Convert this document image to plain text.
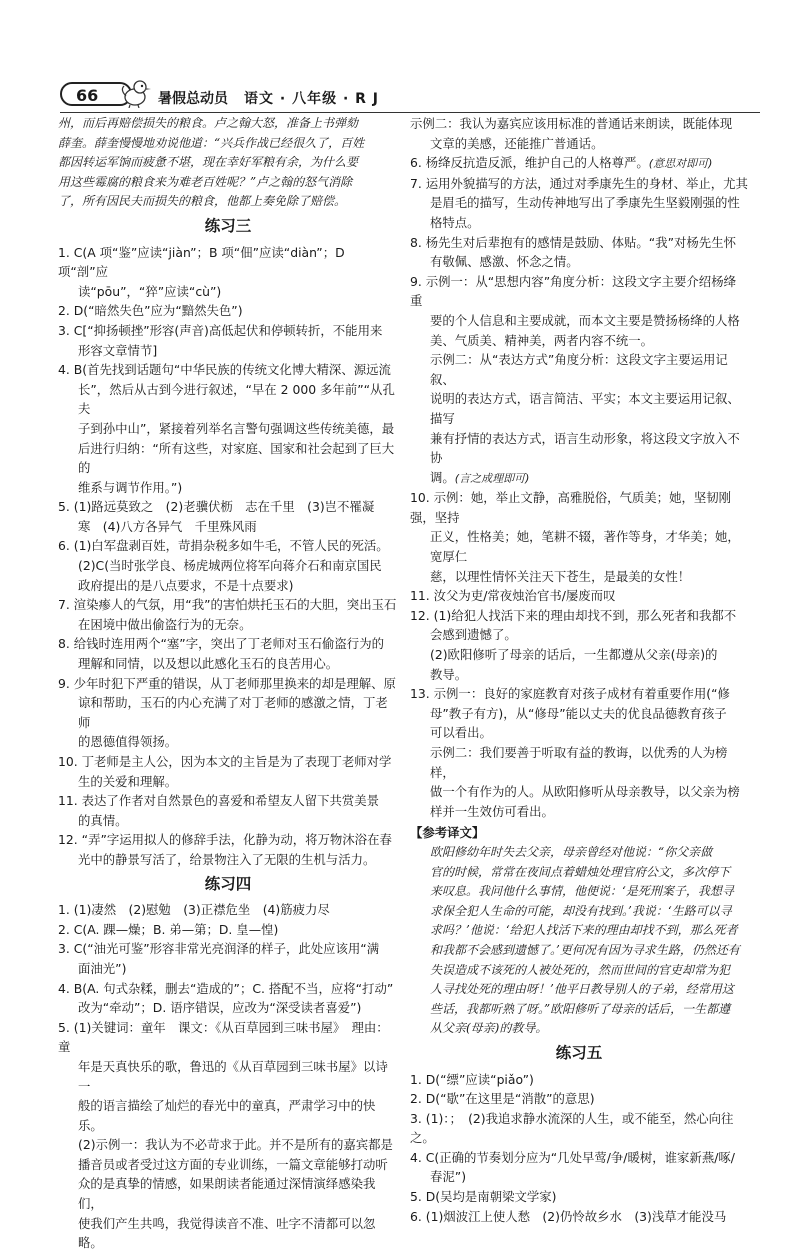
66	暑假总动员 语文 · 八年级 · R J

州，而后再赔偿损失的粮食。卢之翰大怒，准备上书弹劾

薛奎。薛奎慢慢地劝说他道：“兴兵作战已经很久了，百姓

都因转运军饷而疲惫不堪，现在幸好军粮有余，为什么要

用这些霉腐的粮食来为难老百姓呢？”卢之翰的怒气消除

了，所有因民夫而损失的粮食，他都上奏免除了赔偿。

练习三

1. C(A 项“鉴”应读“jiàn”；B 项“佃”应读“diàn”；D 项“剖”应

读“pōu”，“猝”应读“cù”)

2. D(“暗然失色”应为“黯然失色”)

3. C[“抑扬顿挫”形容(声音)高低起伏和停顿转折，不能用来

形容文章情节]

4. B(首先找到话题句“中华民族的传统文化博大精深、源远流

长”，然后从古到今进行叙述，“早在 2 000 多年前”“从孔夫

子到孙中山”，紧接着列举名言警句强调这些传统美德，最

后进行归纳：“所有这些，对家庭、国家和社会起到了巨大的

维系与调节作用。”)

5. (1)路远莫致之　(2)老骥伏枥　志在千里　(3)岂不罹凝

寒　(4)八方各异气　千里殊风雨

6. (1)白军盘剥百姓，苛捐杂税多如牛毛，不管人民的死活。

(2)C(当时张学良、杨虎城两位将军向蒋介石和南京国民

政府提出的是八点要求，不是十点要求)

7. 渲染瘆人的气氛，用“我”的害怕烘托玉石的大胆，突出玉石

在困境中做出偷盗行为的无奈。

8. 给钱时连用两个“塞”字，突出了丁老师对玉石偷盗行为的

理解和同情，以及想以此感化玉石的良苦用心。

9. 少年时犯下严重的错误，从丁老师那里换来的却是理解、原

谅和帮助，玉石的内心充满了对丁老师的感激之情，丁老师

的恩德值得领扬。

10. 丁老师是主人公，因为本文的主旨是为了表现丁老师对学

生的关爱和理解。

11. 表达了作者对自然景色的喜爱和希望友人留下共赏美景

的真情。

12. “弄”字运用拟人的修辞手法，化静为动，将万物沐浴在春

光中的静景写活了，给景物注入了无限的生机与活力。

练习四

1. (1)凄然　(2)慰勉　(3)正襟危坐　(4)筋疲力尽

2. C(A. 踝—燥；B. 弟—第；D. 皇—惶)

3. C(“油光可鉴”形容非常光亮润泽的样子，此处应该用“满

面油光”)

4. B(A. 句式杂糅，删去“造成的”；C. 搭配不当，应将“打动”

改为“牵动”；D. 语序错误，应改为“深受读者喜爱”)

5. (1)关键词：童年　课文：《从百草园到三味书屋》　理由：童

年是天真快乐的歌，鲁迅的《从百草园到三味书屋》以诗一

般的语言描绘了灿烂的春光中的童真，严肃学习中的快乐。

(2)示例一：我认为不必苛求于此。并不是所有的嘉宾都是

播音员或者受过这方面的专业训练，一篇文章能够打动听

众的是真挚的情感，如果朗读者能通过深情演绎感染我们，

使我们产生共鸣，我觉得读音不准、吐字不清都可以忽略。

示例二：我认为嘉宾应该用标准的普通话来朗读，既能体现

文章的美感，还能推广普通话。

6. 杨绛反抗造反派，维护自己的人格尊严。(意思对即可)

7. 运用外貌描写的方法，通过对季康先生的身材、举止，尤其

是眉毛的描写，生动传神地写出了季康先生坚毅刚强的性

格特点。

8. 杨先生对后辈抱有的感情是鼓励、体贴。“我”对杨先生怀

有敬佩、感激、怀念之情。

9. 示例一：从“思想内容”角度分析：这段文字主要介绍杨绛重

要的个人信息和主要成就，而本文主要是赞扬杨绛的人格

美、气质美、精神美，两者内容不统一。

示例二：从“表达方式”角度分析：这段文字主要运用记叙、

说明的表达方式，语言简洁、平实；本文主要运用记叙、描写

兼有抒情的表达方式，语言生动形象，将这段文字放入不协

调。(言之成理即可)

10. 示例：她，举止文静，高雅脱俗，气质美；她，坚韧刚强，坚持

正义，性格美；她，笔耕不辍，著作等身，才华美；她，宽厚仁

慈，以理性情怀关注天下苍生，是最美的女性！

11. 汝父为吏/常夜烛治官书/屡废而叹

12. (1)给犯人找活下来的理由却找不到，那么死者和我都不

会感到遗憾了。

(2)欧阳修听了母亲的话后，一生都遵从父亲(母亲)的

教导。

13. 示例一：良好的家庭教育对孩子成材有着重要作用(“修

母”教子有方)，从“修母”能以丈夫的优良品德教育孩子

可以看出。

示例二：我们要善于听取有益的教诲，以优秀的人为榜样，

做一个有作为的人。从欧阳修听从母亲教导，以父亲为榜

样并一生效仿可看出。

【参考译文】

欧阳修幼年时失去父亲，母亲曾经对他说：“你父亲做

官的时候，常常在夜间点着蜡烛处理官府公文，多次停下

来叹息。我问他什么事情，他便说：‘是死刑案子，我想寻

求保全犯人生命的可能，却没有找到。’我说：‘生路可以寻

求吗？’他说：‘给犯人找活下来的理由却找不到，那么死者

和我都不会感到遗憾了。’更何况有因为寻求生路，仍然还有

失误造成不该死的人被处死的，然而世间的官吏却常为犯

人寻找处死的理由呀！’他平日教导别人的子弟，经常用这

些话，我都听熟了呀。”欧阳修听了母亲的话后，一生都遵

从父亲(母亲)的教导。

练习五

1. D(“缥”应读“piǎo”)

2. D(“歇”在这里是“消散”的意思)

3. (1)：；　(2)我追求静水流深的人生，或不能至，然心向往之。

4. C(正确的节奏划分应为“几处早莺/争/暖树，谁家新燕/啄/

春泥”)

5. D(吴均是南朝梁文学家)

6. (1)烟波江上使人愁　(2)仍怜故乡水　(3)浅草才能没马
